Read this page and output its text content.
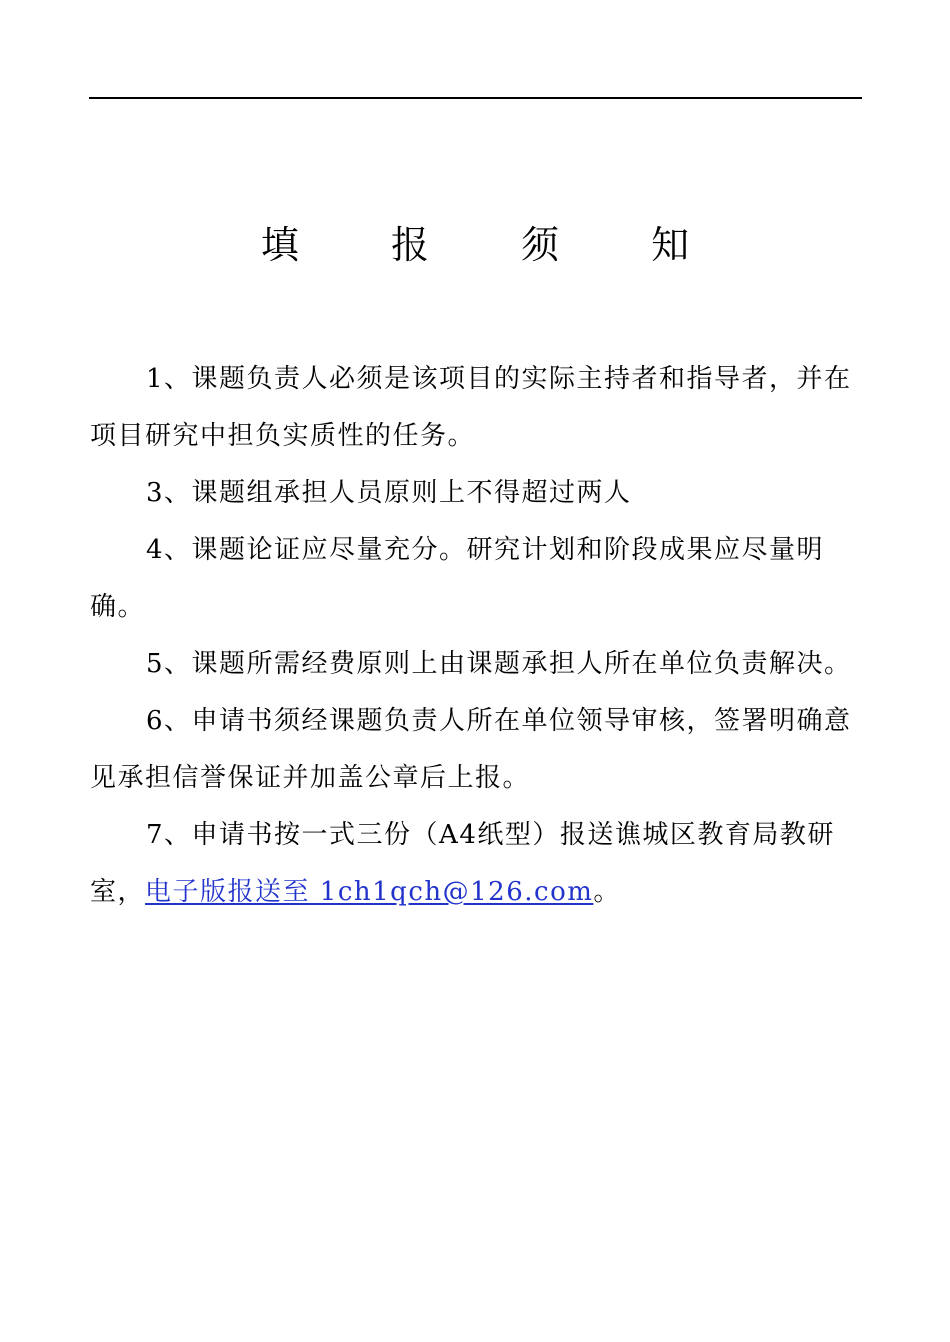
填 报 须 知

1、课题负责人必须是该项目的实际主持者和指导者，并在项目研究中担负实质性的任务。

3、课题组承担人员原则上不得超过两人

4、课题论证应尽量充分。研究计划和阶段成果应尽量明确。

5、课题所需经费原则上由课题承担人所在单位负责解决。

6、申请书须经课题负责人所在单位领导审核，签署明确意见承担信誉保证并加盖公章后上报。

7、申请书按一式三份（A4纸型）报送谯城区教育局教研室，电子版报送至 1ch1qch@126.com。
